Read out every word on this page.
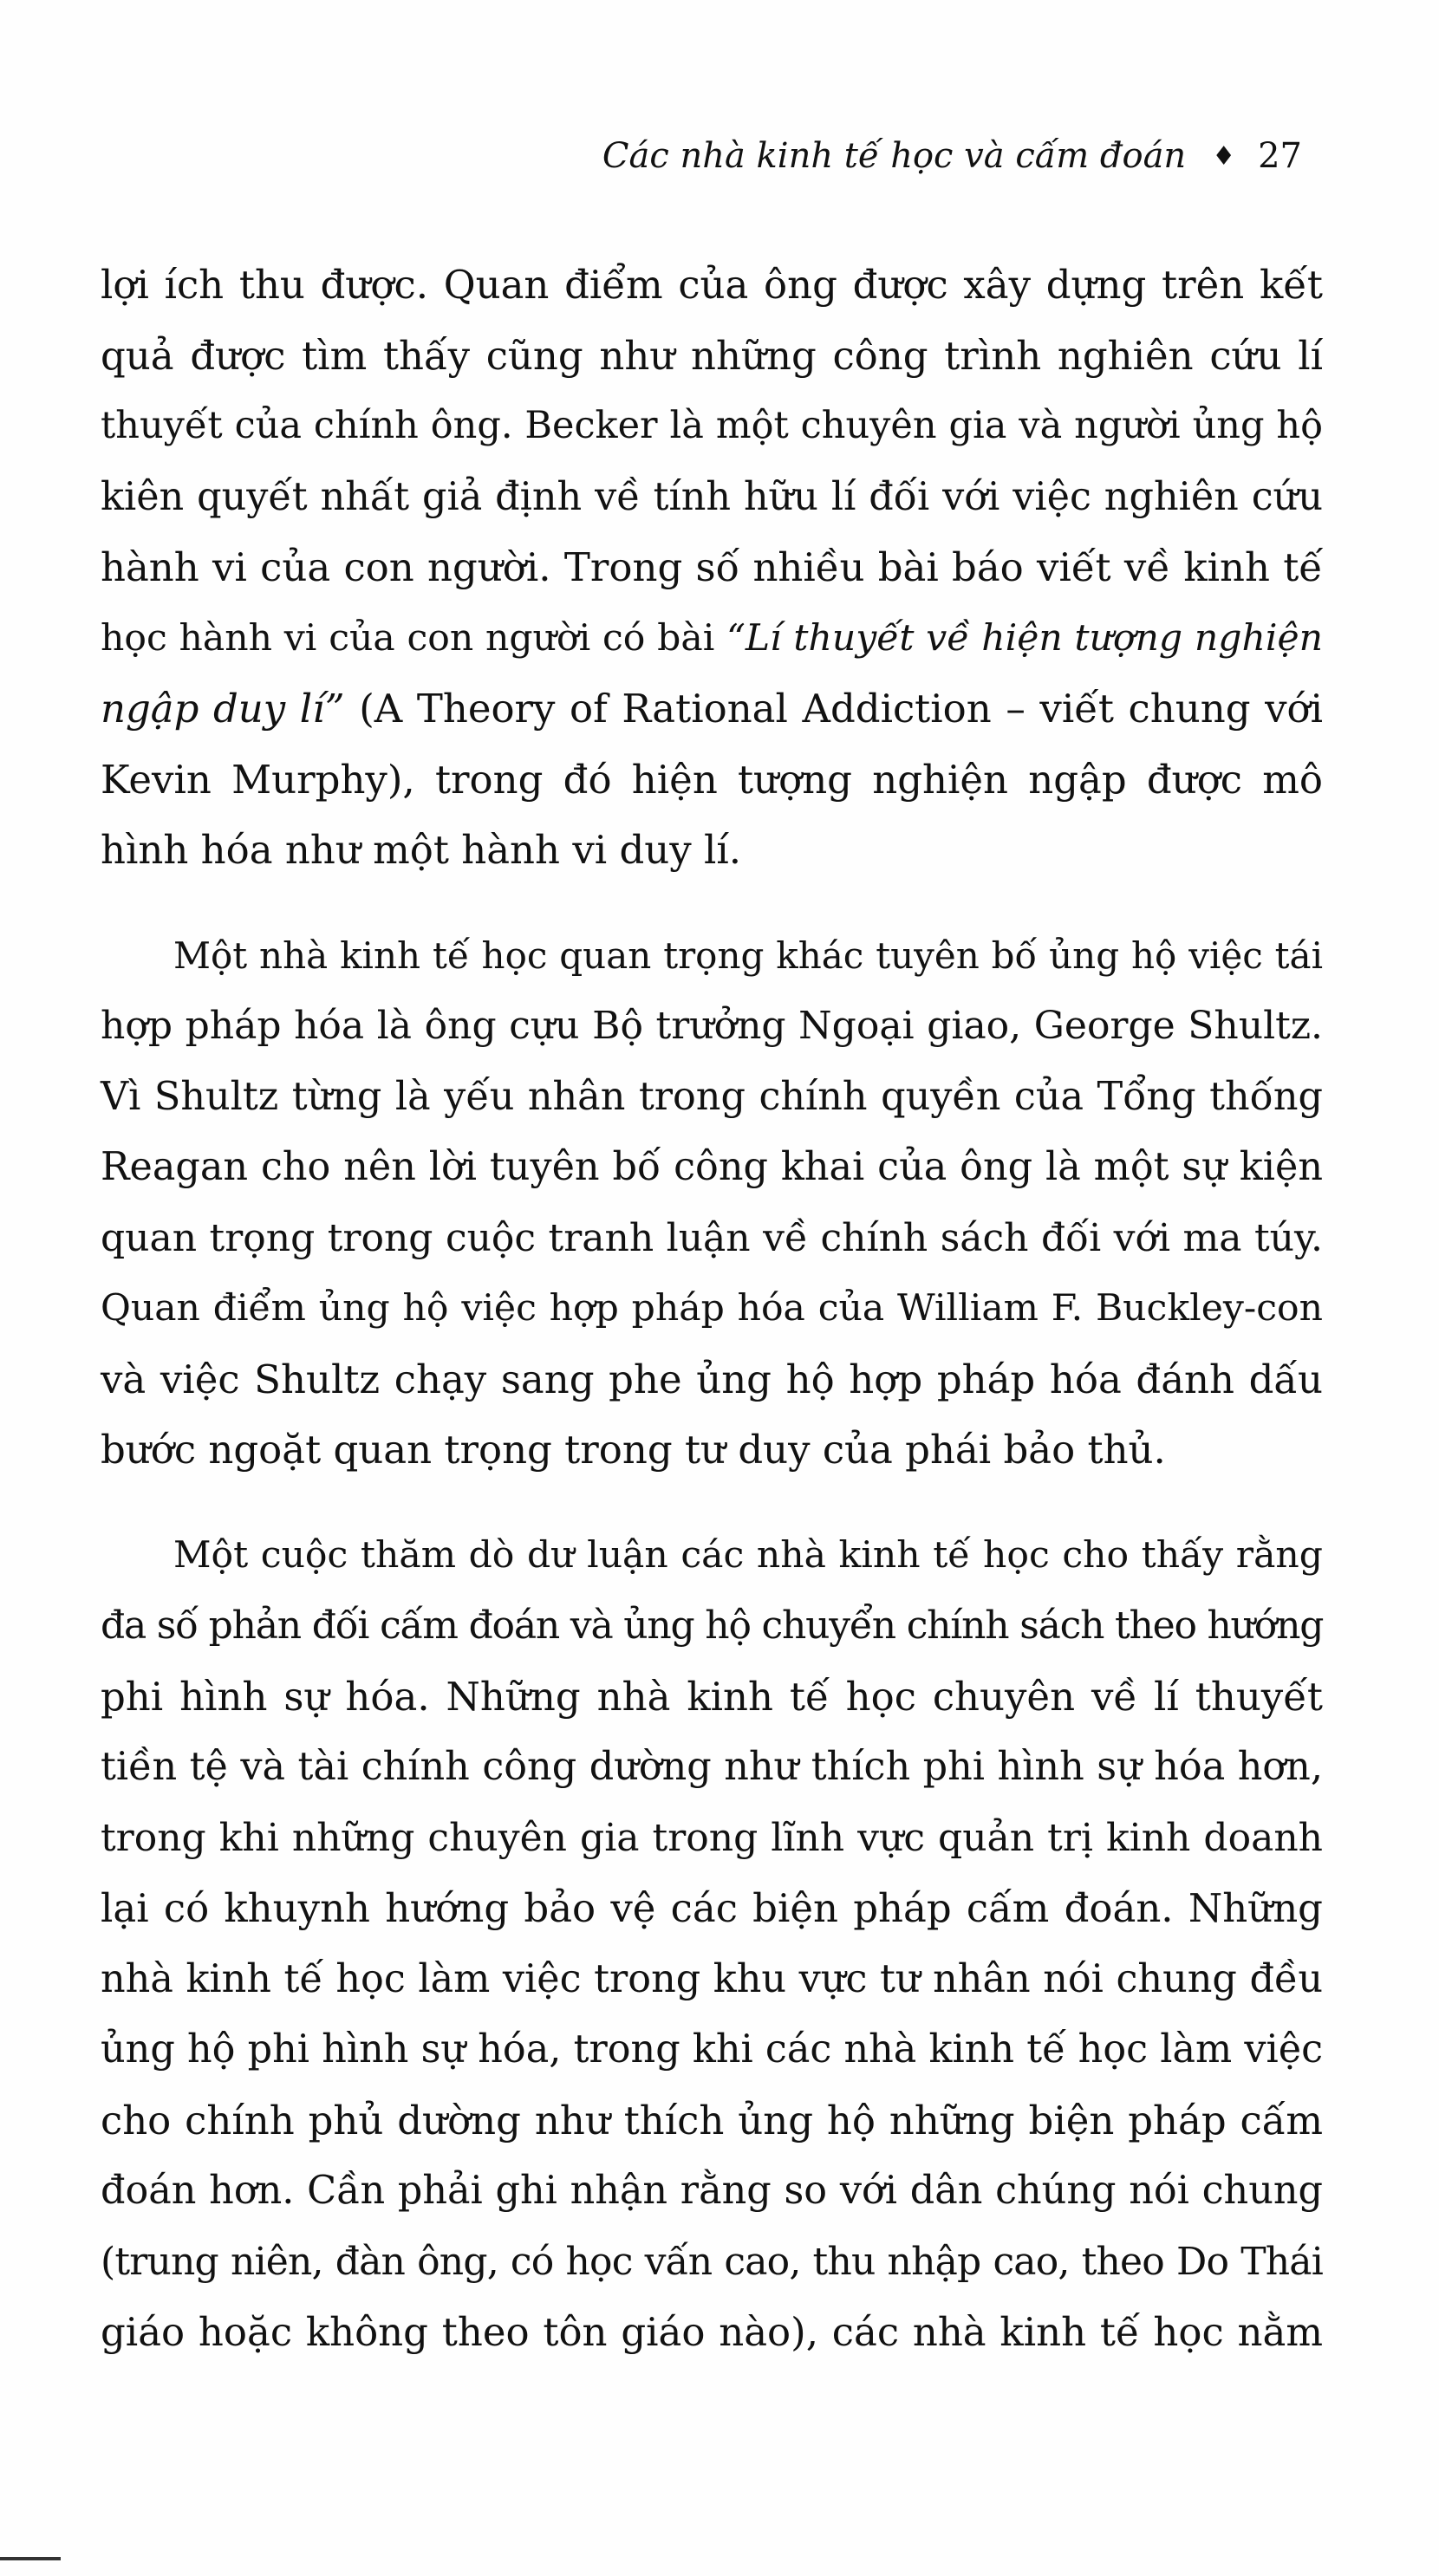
Các nhà kinh tế học và cấm đoán ♦ 27

lợi ích thu được. Quan điểm của ông được xây dựng trên kết
quả được tìm thấy cũng như những công trình nghiên cứu lí
thuyết của chính ông. Becker là một chuyên gia và người ủng hộ
kiên quyết nhất giả định về tính hữu lí đối với việc nghiên cứu
hành vi của con người. Trong số nhiều bài báo viết về kinh tế
học hành vi của con người có bài “Lí thuyết về hiện tượng nghiện
ngập duy lí” (A Theory of Rational Addiction – viết chung với
Kevin Murphy), trong đó hiện tượng nghiện ngập được mô
hình hóa như một hành vi duy lí.

Một nhà kinh tế học quan trọng khác tuyên bố ủng hộ việc tái
hợp pháp hóa là ông cựu Bộ trưởng Ngoại giao, George Shultz.
Vì Shultz từng là yếu nhân trong chính quyền của Tổng thống
Reagan cho nên lời tuyên bố công khai của ông là một sự kiện
quan trọng trong cuộc tranh luận về chính sách đối với ma túy.
Quan điểm ủng hộ việc hợp pháp hóa của William F. Buckley-con
và việc Shultz chạy sang phe ủng hộ hợp pháp hóa đánh dấu
bước ngoặt quan trọng trong tư duy của phái bảo thủ.

Một cuộc thăm dò dư luận các nhà kinh tế học cho thấy rằng
đa số phản đối cấm đoán và ủng hộ chuyển chính sách theo hướng
phi hình sự hóa. Những nhà kinh tế học chuyên về lí thuyết
tiền tệ và tài chính công dường như thích phi hình sự hóa hơn,
trong khi những chuyên gia trong lĩnh vực quản trị kinh doanh
lại có khuynh hướng bảo vệ các biện pháp cấm đoán. Những
nhà kinh tế học làm việc trong khu vực tư nhân nói chung đều
ủng hộ phi hình sự hóa, trong khi các nhà kinh tế học làm việc
cho chính phủ dường như thích ủng hộ những biện pháp cấm
đoán hơn. Cần phải ghi nhận rằng so với dân chúng nói chung
(trung niên, đàn ông, có học vấn cao, thu nhập cao, theo Do Thái
giáo hoặc không theo tôn giáo nào), các nhà kinh tế học nằm
